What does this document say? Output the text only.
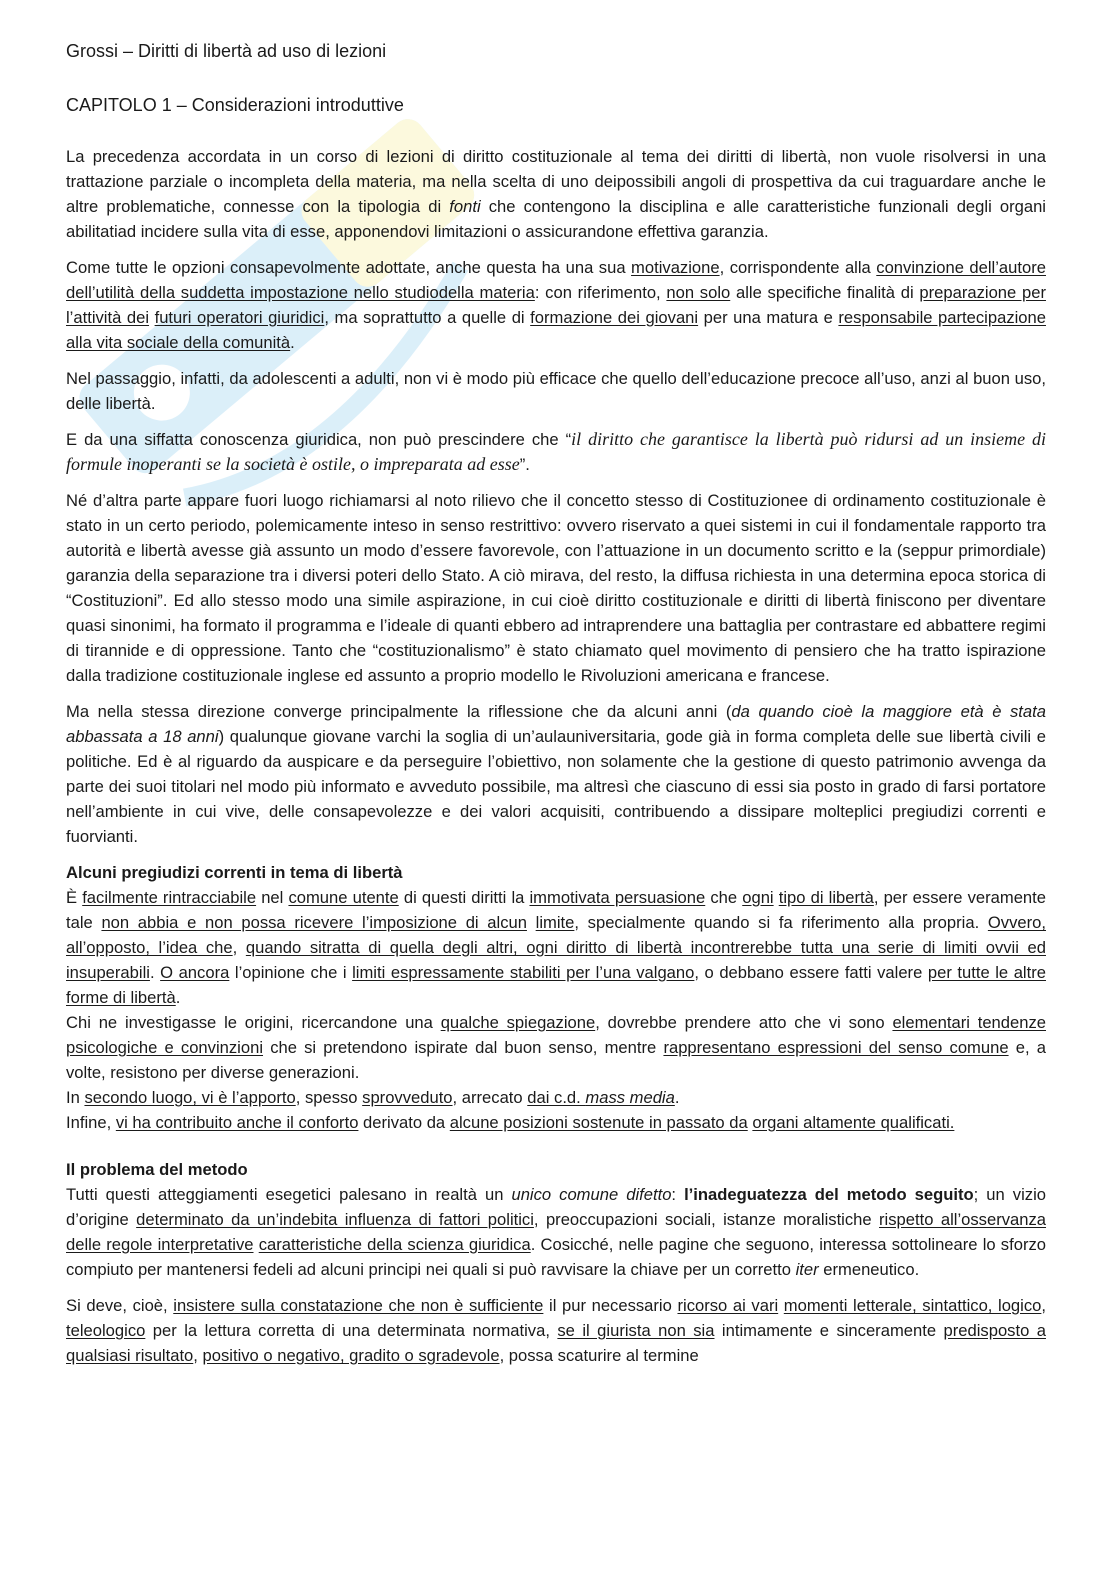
Grossi – Diritti di libertà ad uso di lezioni
CAPITOLO 1 – Considerazioni introduttive

La precedenza accordata in un corso di lezioni di diritto costituzionale al tema dei diritti di libertà, non vuole risolversi in una trattazione parziale o incompleta della materia, ma nella scelta di uno deipossibili angoli di prospettiva da cui traguardare anche le altre problematiche, connesse con la tipologia di fonti che contengono la disciplina e alle caratteristiche funzionali degli organi abilitatiad incidere sulla vita di esse, apponendovi limitazioni o assicurandone effettiva garanzia.

Come tutte le opzioni consapevolmente adottate, anche questa ha una sua motivazione, corrispondente alla convinzione dell’autore dell’utilità della suddetta impostazione nello studiodella materia: con riferimento, non solo alle specifiche finalità di preparazione per l’attività dei futuri operatori giuridici, ma soprattutto a quelle di formazione dei giovani per una matura e responsabile partecipazione alla vita sociale della comunità.

Nel passaggio, infatti, da adolescenti a adulti, non vi è modo più efficace che quello dell’educazione precoce all’uso, anzi al buon uso, delle libertà.

E da una siffatta conoscenza giuridica, non può prescindere che “il diritto che garantisce la libertà può ridursi ad un insieme di formule inoperanti se la società è ostile, o impreparata ad esse”.

Né d’altra parte appare fuori luogo richiamarsi al noto rilievo che il concetto stesso di Costituzionee di ordinamento costituzionale è stato in un certo periodo, polemicamente inteso in senso restrittivo: ovvero riservato a quei sistemi in cui il fondamentale rapporto tra autorità e libertà avesse già assunto un modo d’essere favorevole, con l’attuazione in un documento scritto e la (seppur primordiale) garanzia della separazione tra i diversi poteri dello Stato. A ciò mirava, del resto, la diffusa richiesta in una determina epoca storica di “Costituzioni”. Ed allo stesso modo una simile aspirazione, in cui cioè diritto costituzionale e diritti di libertà finiscono per diventare quasi sinonimi, ha formato il programma e l’ideale di quanti ebbero ad intraprendere una battaglia per contrastare ed abbattere regimi di tirannide e di oppressione. Tanto che “costituzionalismo” è stato chiamato quel movimento di pensiero che ha tratto ispirazione dalla tradizione costituzionale inglese ed assunto a proprio modello le Rivoluzioni americana e francese.

Ma nella stessa direzione converge principalmente la riflessione che da alcuni anni (da quando cioè la maggiore età è stata abbassata a 18 anni) qualunque giovane varchi la soglia di un’aulauniversitaria, gode già in forma completa delle sue libertà civili e politiche. Ed è al riguardo da auspicare e da perseguire l’obiettivo, non solamente che la gestione di questo patrimonio avvenga da parte dei suoi titolari nel modo più informato e avveduto possibile, ma altresì che ciascuno di essi sia posto in grado di farsi portatore nell’ambiente in cui vive, delle consapevolezze e dei valori acquisiti, contribuendo a dissipare molteplici pregiudizi correnti e fuorvianti.

Alcuni pregiudizi correnti in tema di libertà

È facilmente rintracciabile nel comune utente di questi diritti la immotivata persuasione che ogni tipo di libertà, per essere veramente tale non abbia e non possa ricevere l’imposizione di alcun limite, specialmente quando si fa riferimento alla propria. Ovvero, all’opposto, l’idea che, quando sitratta di quella degli altri, ogni diritto di libertà incontrerebbe tutta una serie di limiti ovvii ed insuperabili. O ancora l’opinione che i limiti espressamente stabiliti per l’una valgano, o debbano essere fatti valere per tutte le altre forme di libertà.

Chi ne investigasse le origini, ricercandone una qualche spiegazione, dovrebbe prendere atto che vi sono elementari tendenze psicologiche e convinzioni che si pretendono ispirate dal buon senso, mentre rappresentano espressioni del senso comune e, a volte, resistono per diverse generazioni.

In secondo luogo, vi è l’apporto, spesso sprovveduto, arrecato dai c.d. mass media.

Infine, vi ha contribuito anche il conforto derivato da alcune posizioni sostenute in passato da organi altamente qualificati.

Il problema del metodo

Tutti questi atteggiamenti esegetici palesano in realtà un unico comune difetto: l’inadeguatezza del metodo seguito; un vizio d’origine determinato da un’indebita influenza di fattori politici, preoccupazioni sociali, istanze moralistiche rispetto all’osservanza delle regole interpretative caratteristiche della scienza giuridica. Cosicché, nelle pagine che seguono, interessa sottolineare lo sforzo compiuto per mantenersi fedeli ad alcuni principi nei quali si può ravvisare la chiave per un corretto iter ermeneutico.

Si deve, cioè, insistere sulla constatazione che non è sufficiente il pur necessario ricorso ai vari momenti letterale, sintattico, logico, teleologico per la lettura corretta di una determinata normativa, se il giurista non sia intimamente e sinceramente predisposto a qualsiasi risultato, positivo o negativo, gradito o sgradevole, possa scaturire al termine
